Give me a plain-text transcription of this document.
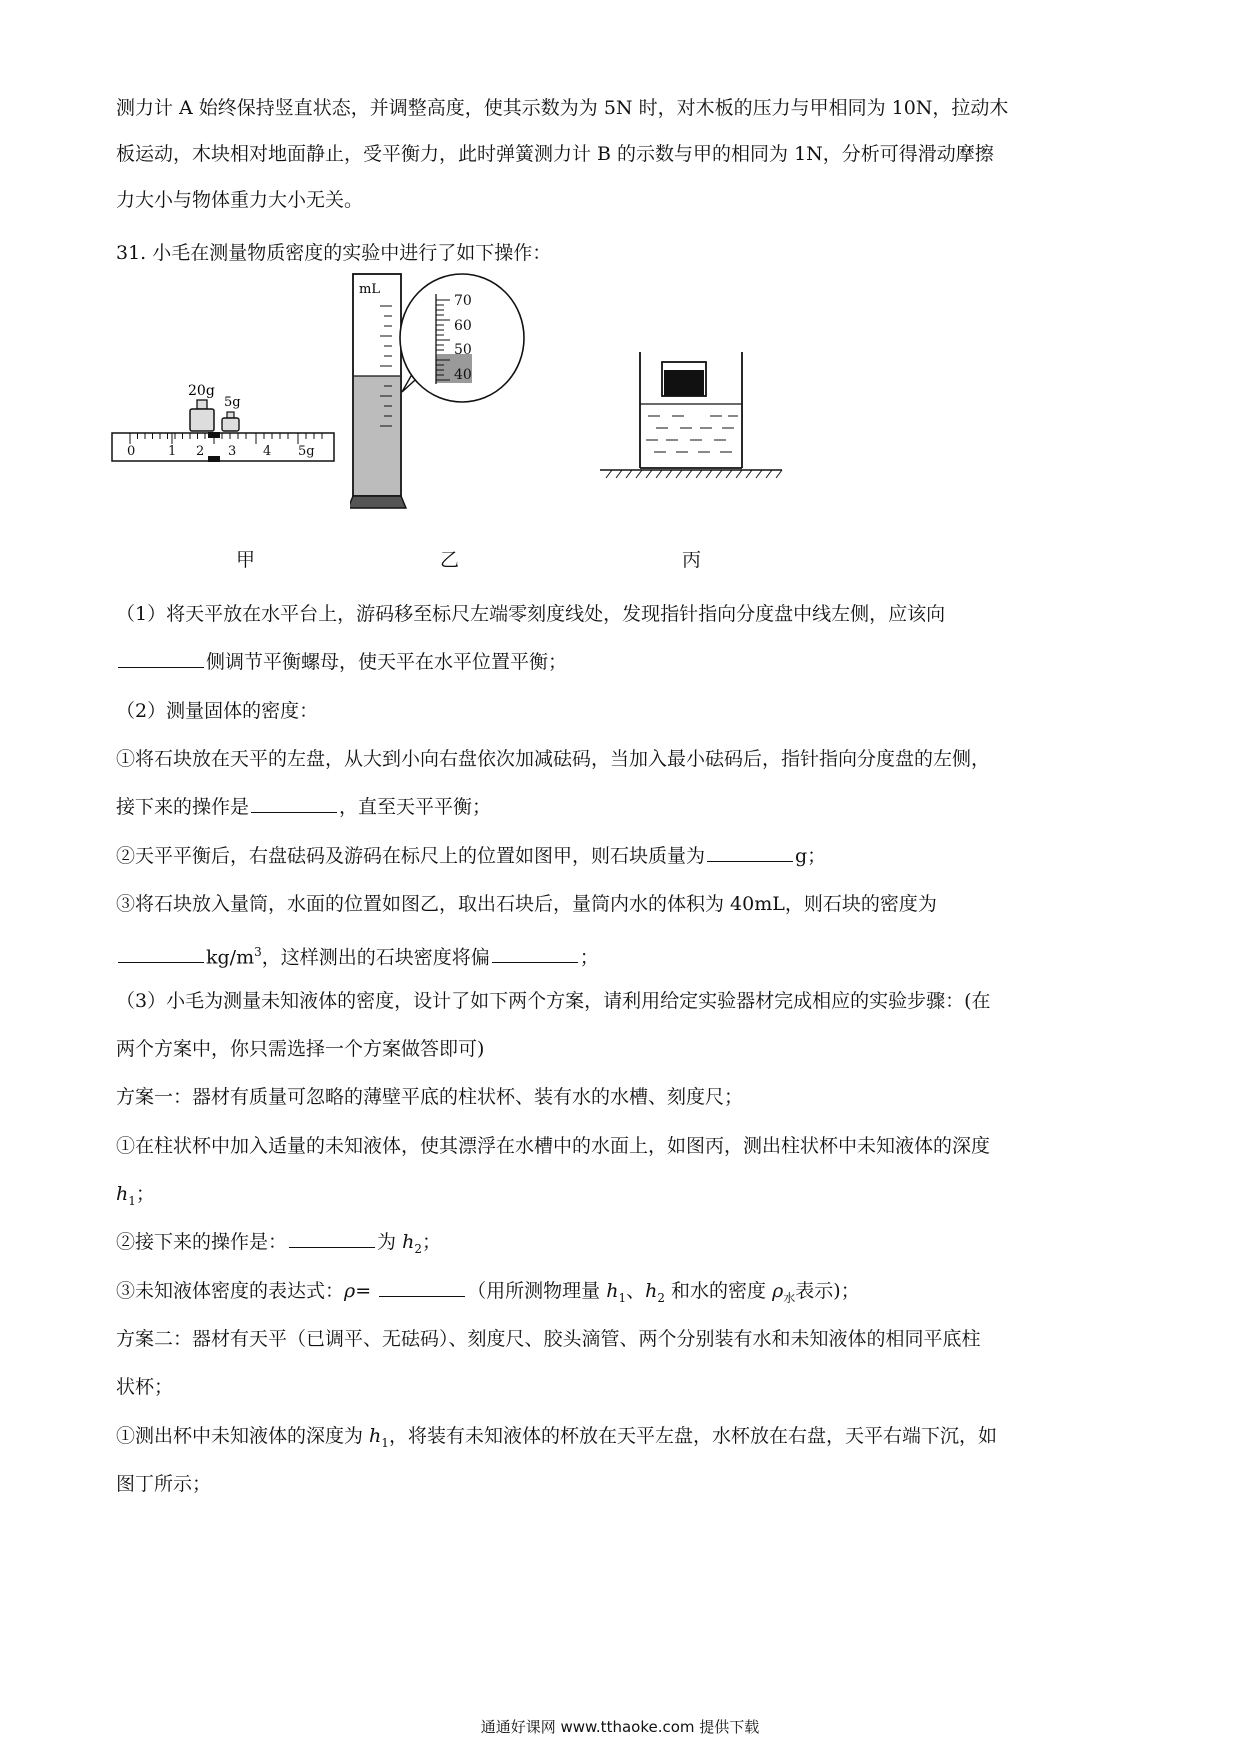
测力计 A 始终保持竖直状态，并调整高度，使其示数为为 5N 时，对木板的压力与甲相同为 10N，拉动木

板运动，木块相对地面静止，受平衡力，此时弹簧测力计 B 的示数与甲的相同为 1N，分析可得滑动摩擦

力大小与物体重力大小无关。

31. 小毛在测量物质密度的实验中进行了如下操作：

20g
5g
0	1 2 3 4 5g
甲
mL
70
60
50
40
乙	丙

（1）将天平放在水平台上，游码移至标尺左端零刻度线处，发现指针指向分度盘中线左侧，应该向

侧调节平衡螺母，使天平在水平位置平衡；

（2）测量固体的密度：

①将石块放在天平的左盘，从大到小向右盘依次加减砝码，当加入最小砝码后，指针指向分度盘的左侧，

接下来的操作是	，直至天平平衡；

②天平平衡后，右盘砝码及游码在标尺上的位置如图甲，则石块质量为	g；

③将石块放入量筒，水面的位置如图乙，取出石块后，量筒内水的体积为 40mL，则石块的密度为

$kg/m^3$，这样测出的石块密度将偏	；

（3）小毛为测量未知液体的密度，设计了如下两个方案，请利用给定实验器材完成相应的实验步骤：(在

两个方案中，你只需选择一个方案做答即可)

方案一：器材有质量可忽略的薄壁平底的柱状杯、装有水的水槽、刻度尺；

①在柱状杯中加入适量的未知液体，使其漂浮在水槽中的水面上，如图丙，测出柱状杯中未知液体的深度

$h_1$；

②接下来的操作是：	为 $h_2$；

③未知液体密度的表达式：ρ=	（用所测物理量 $h_1$、$h_2$ 和水的密度 $\rho_水$表示)；

方案二：器材有天平（已调平、无砝码）、刻度尺、胶头滴管、两个分别装有水和未知液体的相同平底柱

状杯；

①测出杯中未知液体的深度为 $h_1$，将装有未知液体的杯放在天平左盘，水杯放在右盘，天平右端下沉，如

图丁所示；

通通好课网 www.tthaoke.com 提供下载
